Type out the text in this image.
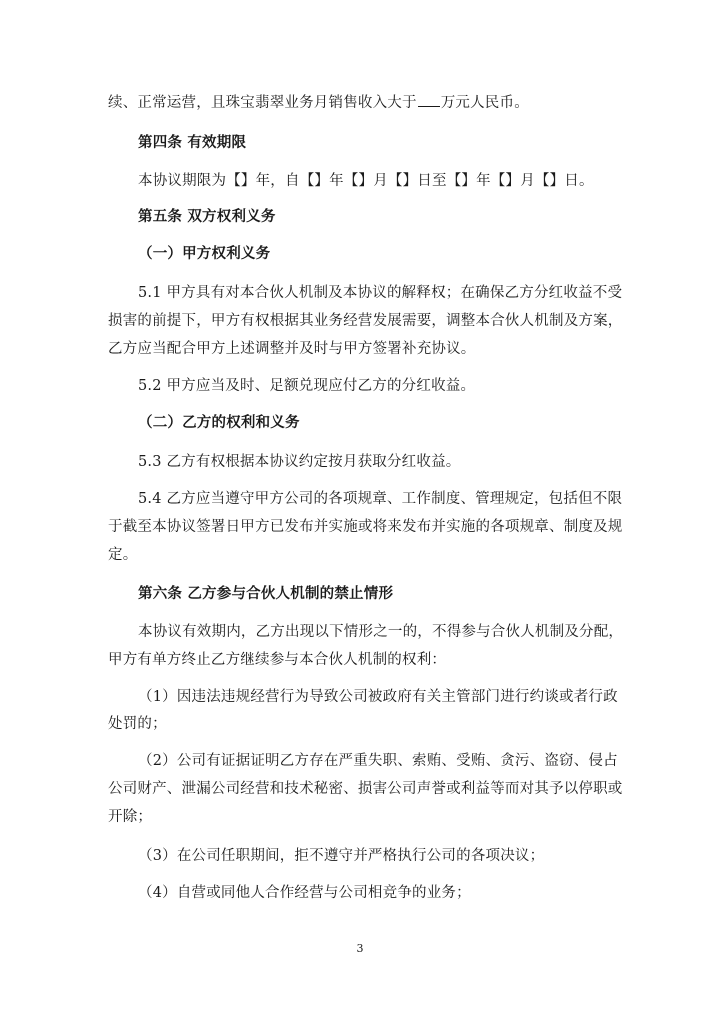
续、正常运营，且珠宝翡翠业务月销售收入大于 万元人民币。
第四条 有效期限
本协议期限为【】年，自【】年【】月【】日至【】年【】月【】日。
第五条 双方权利义务
（一）甲方权利义务
5.1 甲方具有对本合伙人机制及本协议的解释权；在确保乙方分红收益不受
损害的前提下，甲方有权根据其业务经营发展需要，调整本合伙人机制及方案，
乙方应当配合甲方上述调整并及时与甲方签署补充协议。
5.2 甲方应当及时、足额兑现应付乙方的分红收益。
（二）乙方的权利和义务
5.3 乙方有权根据本协议约定按月获取分红收益。
5.4 乙方应当遵守甲方公司的各项规章、工作制度、管理规定，包括但不限
于截至本协议签署日甲方已发布并实施或将来发布并实施的各项规章、制度及规
定。
第六条 乙方参与合伙人机制的禁止情形
本协议有效期内，乙方出现以下情形之一的，不得参与合伙人机制及分配，
甲方有单方终止乙方继续参与本合伙人机制的权利：
（1）因违法违规经营行为导致公司被政府有关主管部门进行约谈或者行政
处罚的；
（2）公司有证据证明乙方存在严重失职、索贿、受贿、贪污、盗窃、侵占
公司财产、泄漏公司经营和技术秘密、损害公司声誉或利益等而对其予以停职或
开除；
（3）在公司任职期间，拒不遵守并严格执行公司的各项决议；
（4）自营或同他人合作经营与公司相竞争的业务；
3
